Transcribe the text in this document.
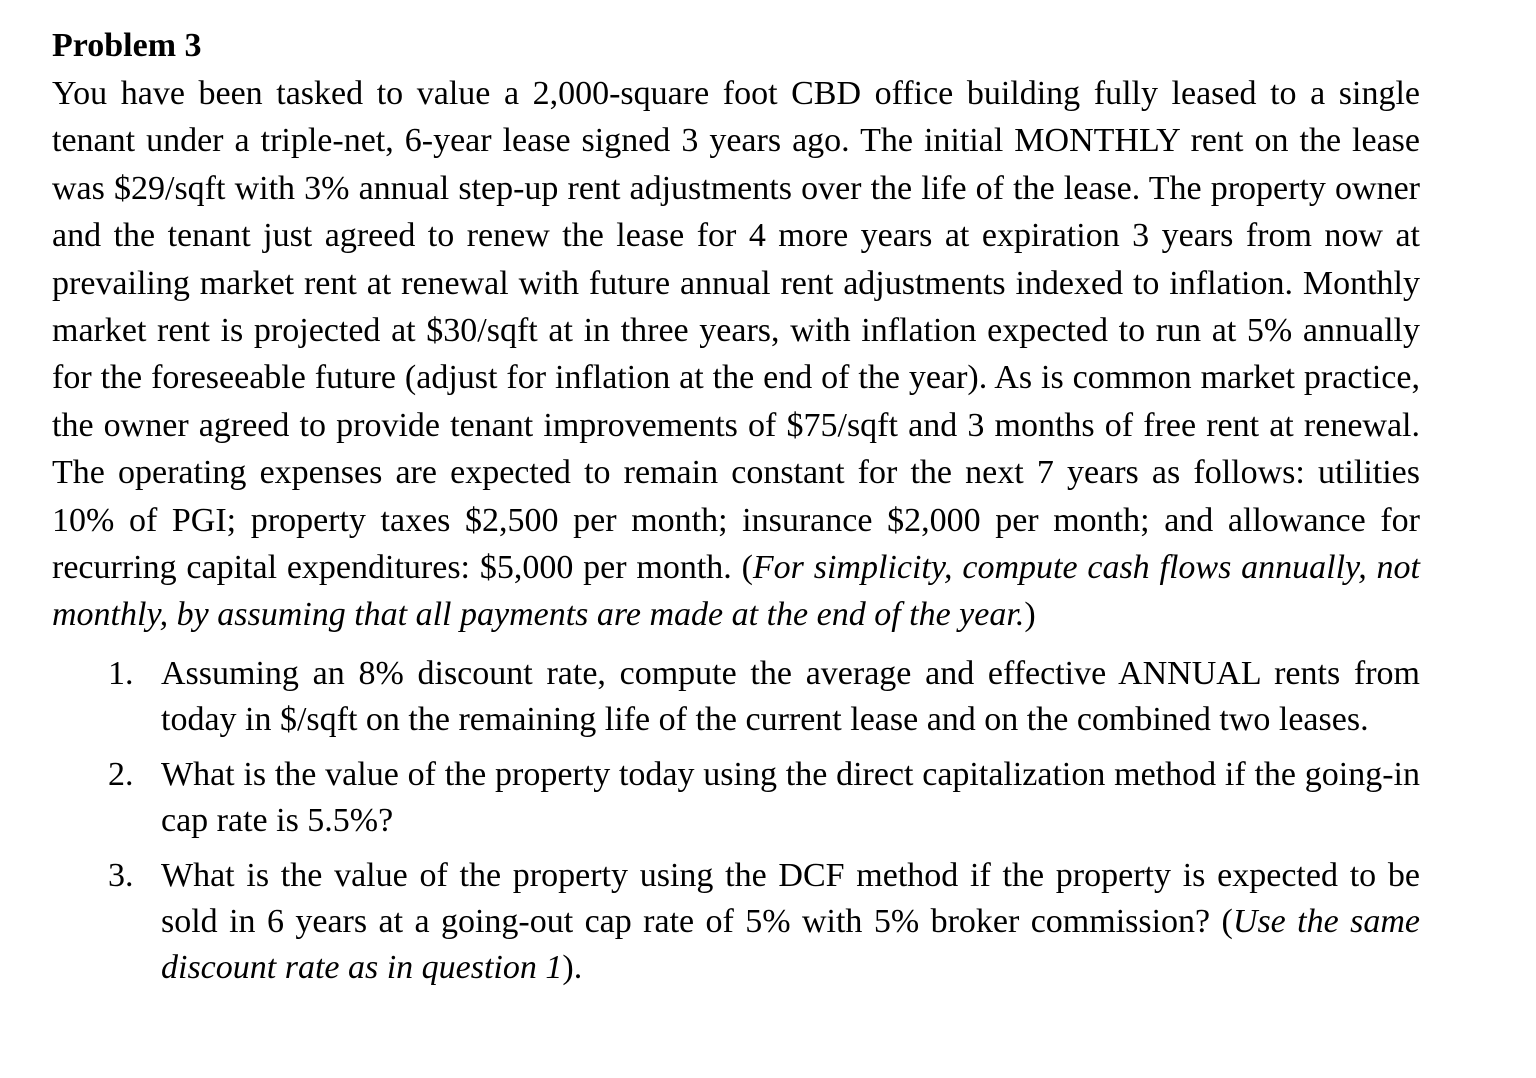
Problem 3

You have been tasked to value a 2,000-square foot CBD office building fully leased to a single tenant under a triple-net, 6-year lease signed 3 years ago. The initial MONTHLY rent on the lease was $29/sqft with 3% annual step-up rent adjustments over the life of the lease. The property owner and the tenant just agreed to renew the lease for 4 more years at expiration 3 years from now at prevailing market rent at renewal with future annual rent adjustments indexed to inflation. Monthly market rent is projected at $30/sqft at in three years, with inflation expected to run at 5% annually for the foreseeable future (adjust for inflation at the end of the year). As is common market practice, the owner agreed to provide tenant improvements of $75/sqft and 3 months of free rent at renewal. The operating expenses are expected to remain constant for the next 7 years as follows: utilities 10% of PGI; property taxes $2,500 per month; insurance $2,000 per month; and allowance for recurring capital expenditures: $5,000 per month. (For simplicity, compute cash flows annually, not monthly, by assuming that all payments are made at the end of the year.)

1. Assuming an 8% discount rate, compute the average and effective ANNUAL rents from today in $/sqft on the remaining life of the current lease and on the combined two leases.
2. What is the value of the property today using the direct capitalization method if the going-in cap rate is 5.5%?
3. What is the value of the property using the DCF method if the property is expected to be sold in 6 years at a going-out cap rate of 5% with 5% broker commission? (Use the same discount rate as in question 1).
